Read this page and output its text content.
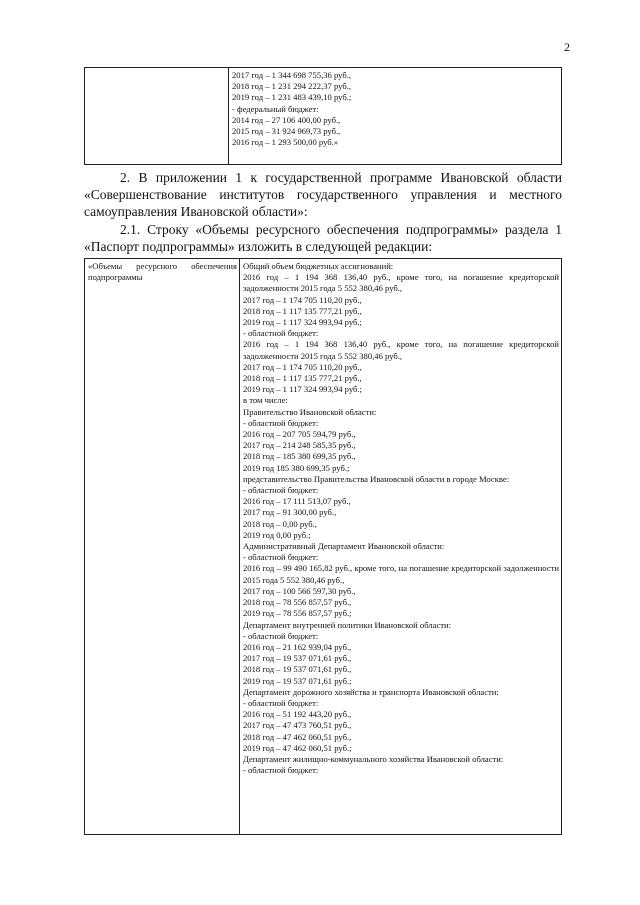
2

2017 год – 1 344 698 755,36 руб.,
2018 год – 1 231 294 222,37 руб.,
2019 год – 1 231 483 439,10 руб.;
- федеральный бюджет:
2014 год – 27 106 400,00 руб.,
2015 год – 31 924 969,73 руб.,
2016 год – 1 293 500,00 руб.»
2. В приложении 1 к государственной программе Ивановской области «Совершенствование институтов государственного управления и местного самоуправления Ивановской области»:
2.1. Строку «Объемы ресурсного обеспечения подпрограммы» раздела 1 «Паспорт подпрограммы» изложить в следующей редакции:
«Объемы ресурсного обеспечения подпрограммы

Общий объем бюджетных ассигнований:
2016 год – 1 194 368 136,40 руб., кроме того, на погашение кредиторской задолженности 2015 года 5 552 380,46 руб.,
2017 год – 1 174 705 110,20 руб.,
2018 год – 1 117 135 777,21 руб.,
2019 год – 1 117 324 993,94 руб.;
- областной бюджет:
2016 год – 1 194 368 136,40 руб., кроме того, на погашение кредиторской задолженности 2015 года 5 552 380,46 руб.,
2017 год – 1 174 705 110,20 руб.,
2018 год – 1 117 135 777,21 руб.,
2019 год – 1 117 324 993,94 руб.;
в том числе:
Правительство Ивановской области:
- областной бюджет:
2016 год – 207 705 594,79 руб.,
2017 год – 214 248 585,35 руб.,
2018 год – 185 380 699,35 руб.,
2019 год 185 380 699,35 руб.;
представительство Правительства Ивановской области в городе Москве:
- областной бюджет:
2016 год – 17 111 513,07 руб.,
2017 год – 91 300,00 руб.,
2018 год – 0,00 руб.,
2019 год 0,00 руб.;
Административный Департамент Ивановской области:
- областной бюджет:
2016 год – 99 490 165,82 руб., кроме того, на погашение кредиторской задолженности 2015 года 5 552 380,46 руб.,
2017 год – 100 566 597,30 руб.,
2018 год – 78 556 857,57 руб.,
2019 год – 78 556 857,57 руб.;
Департамент внутренней политики Ивановской области:
- областной бюджет:
2016 год – 21 162 939,04 руб.,
2017 год – 19 537 071,61 руб.,
2018 год – 19 537 071,61 руб.,
2019 год – 19 537 071,61 руб.;
Департамент дорожного хозяйства и транспорта Ивановской области:
- областной бюджет:
2016 год – 51 192 443,20 руб.,
2017 год – 47 473 760,51 руб.,
2018 год – 47 462 060,51 руб.,
2019 год – 47 462 060,51 руб.;
Департамент жилищно-коммунального хозяйства Ивановской области:
- областной бюджет:
